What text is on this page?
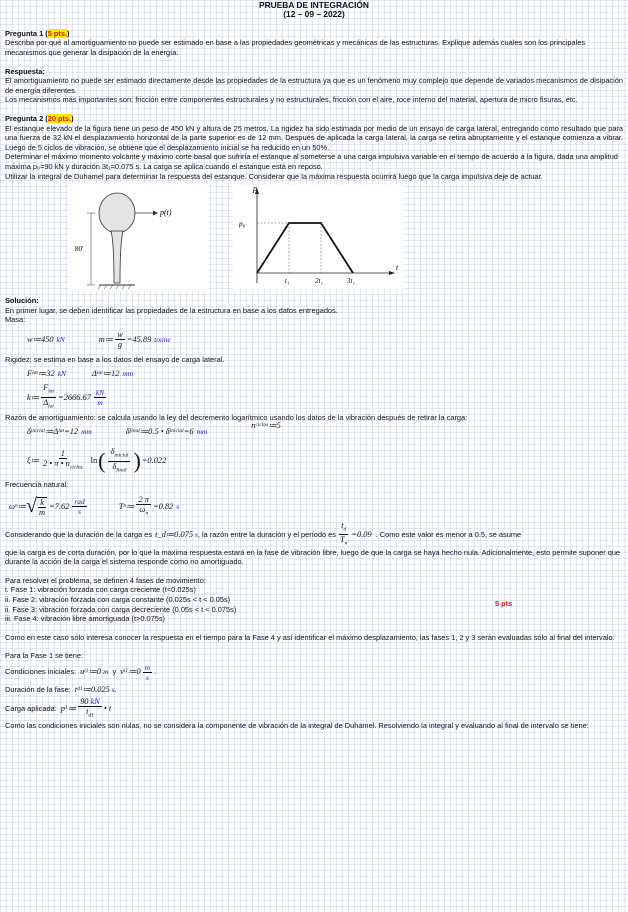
PRUEBA DE INTEGRACIÓN
(12 – 09 – 2022)

Pregunta 1 (5 pts.)

Describa por qué al amortiguamiento no puede ser estimado en base a las propiedades geométricas y mecánicas de las estructuras. Explique además cuales son los principales mecanismos que generar la disipación de la energía.

Respuesta:

El amortiguamiento no puede ser estimado directamente desde las propiedades de la estructura ya que es un fenómeno muy complejo que depende de variados mecanismos de disipación de energía diferentes.

Los mecanismos más importantes son: fricción entre componentes estructurales y no estructurales, fricción con el aire, roce interno del material, apertura de micro fisuras, etc.

Pregunta 2 (20 pts.)

El estanque elevado de la figura tiene un peso de 450 kN y altura de 25 metros. La rigidez ha sido estimada por medio de un ensayo de carga lateral, entregando como resultado que para una fuerza de 32 kN el desplazamiento horizontal de la parte superior es de 12 mm. Después de aplicada la carga lateral, la carga se retira abruptamente y el estanque comienza a vibrar. Luego de 5 ciclos de vibración, se obtiene que el desplazamiento inicial se ha reducido en un 50%.

Determinar el máximo momento volcante y máximo corte basal que sufriría el estanque al someterse a una carga impulsiva variable en el tiempo de acuerdo a la figura, dada una amplitud máxima p₀=90 kN y duración 3t₁=0.075 s. La carga se aplica cuando el estanque está en reposo.

Utilizar la integral de Duhamel para determinar la respuesta del estanque. Considerar que la máxima respuesta ocurrirá luego que la carga impulsiva deje de actuar.

p(t)
80'
p
p₀
t
t₁	2t₁	3t₁

Solución:

En primer lugar, se deben identificar las propiedades de la estructura en base a los datos entregados.

Masa:

w≔450 kN	m≔ $\frac{w}{g} =45.89$ tonne

Rigidez: se estima en base a los datos del ensayo de carga lateral.

F lat ≔32 kN	Δ lat ≔12 mm
k≔ $\frac{F_{lat}}{\Delta_{lat}} =2666.67 \frac{kN}{m}$

Razón de amortiguamiento: se calcula usando la ley del decremento logarítmico usando los datos de la vibración después de retirar la carga:

δ inicial ≔Δ lat =12 mm	δ final ≔0.5 • δ inicial =6 mm
$n_{ciclos}$ ≔5
ξ≔ $\frac{1}{2 • \pi • n_{ciclos}}$ ln ( $\frac{\delta_{inicial}}{\delta_{final}}$ ) =0.022

Frecuencia natural:

5 pts
ω n ≔ √ $\frac{k}{m} =7.62 \frac{\text{rad}}{s}$	T n ≔ $\frac{2 \pi}{\omega_n} =0.82$ s
Considerando que la duración de la carga es t_d≔0.075 s , la razón entre la duración y el período es $\frac{t_d}{T_n} =0.09$ . Como este valor es menor a 0.5, se asume

que la carga es de corta duración, por lo que la máxima respuesta estará en la fase de vibración libre, luego de que la carga se haya hecho nula. Adicionalmente, esto permite suponer que durante la acción de la carga el sistema responde como no amortiguado.

Para resolver el problema, se definen 4 fases de movimiento:

i. Fase 1: vibración forzada con carga creciente (t<0.025s)

ii. Fase 2: vibración forzada con carga constante (0.025s < t < 0.05s)

ii. Fase 3: vibración forzada con carga decreciente (0.05s < t < 0.075s)

iii. Fase 4: vibración libre amortiguada (t>0.075s)

Como en este caso sólo interesa conocer la respuesta en el tiempo para la Fase 4 y así identificar el máximo desplazamiento, las fases 1, 2 y 3 serán evaluadas sólo al final del intervalo.

Para la Fase 1 se tiene:

Condiciones iniciales: u i1 ≔0 m y v i1 ≔0 $\frac{m}{s}$ .
Duración de la fase: t d1 ≔0.025 s .
Carga aplicada: p 1 ≔ $\frac{90 kN}{t_{d1}}$ • t

Como las condiciones iniciales son nulas, no se considera la componente de vibración de la integral de Duhamel. Resolviendo la integral y evaluando al final de intervalo se tiene:
